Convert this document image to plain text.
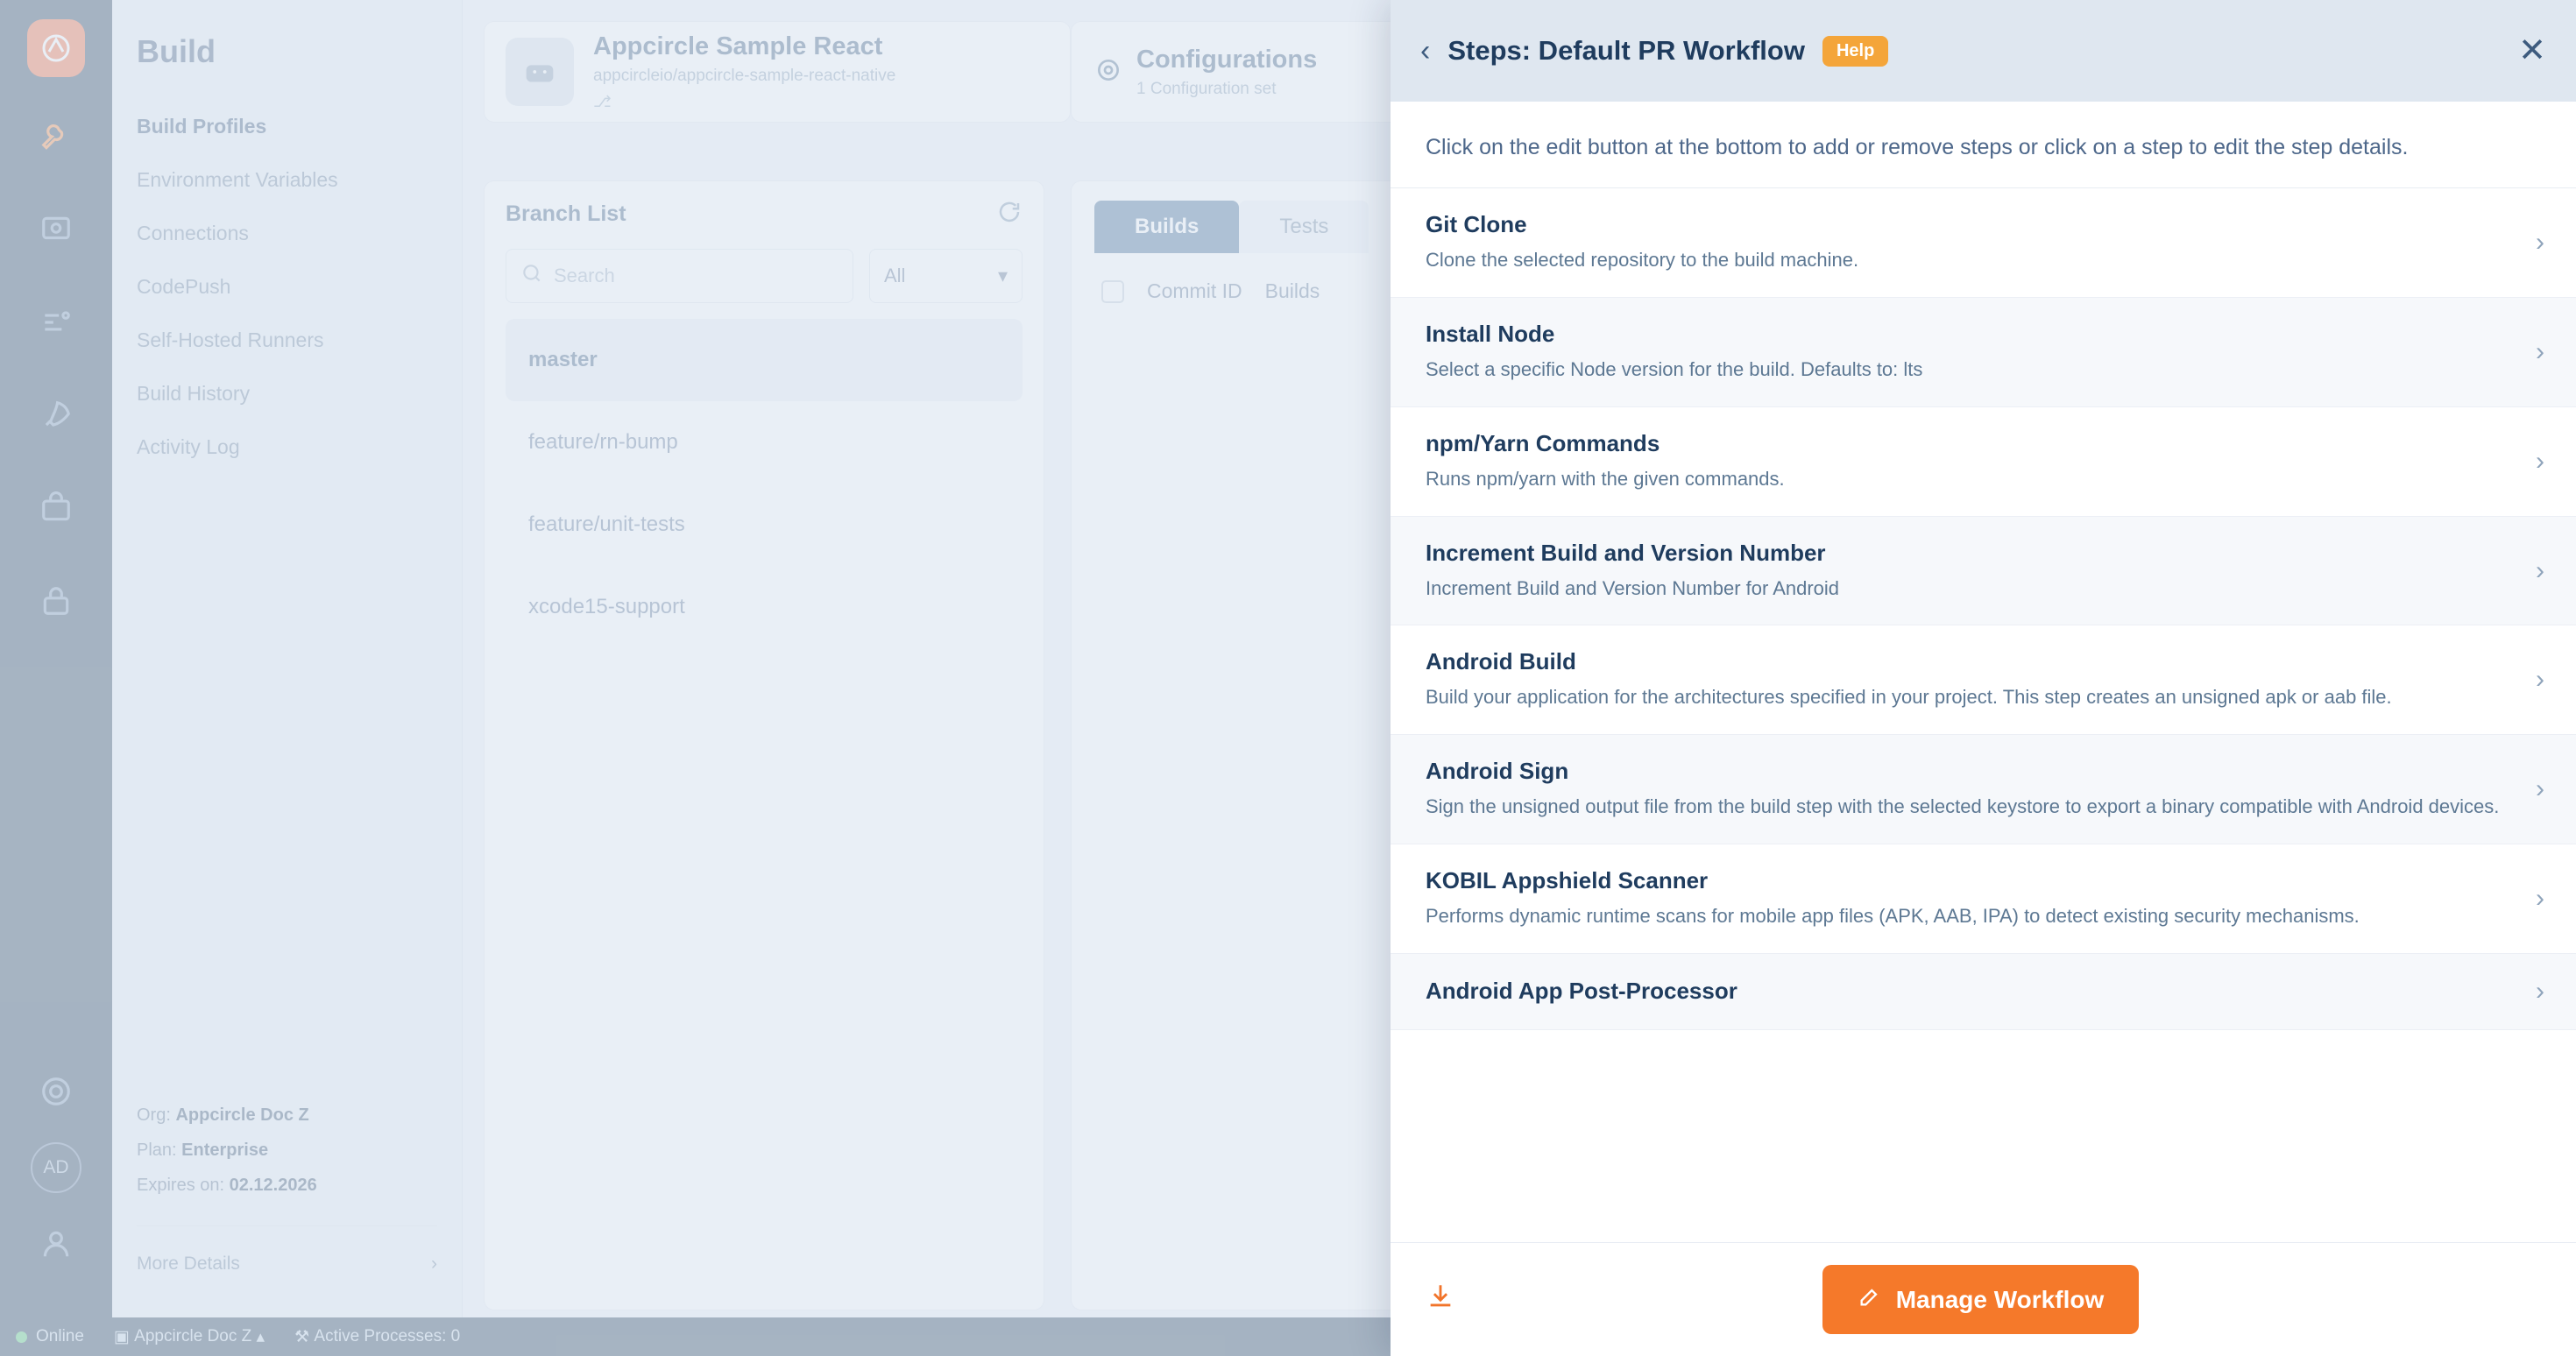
‹ Steps: Default PR Workflow	Help	✕
Click on the edit button at the bottom to add or remove steps or click on a step to edit the step details.
Git Clone
Clone the selected repository to the build machine.
›
Install Node
Select a specific Node version for the build. Defaults to: lts
›
npm/Yarn Commands
Runs npm/yarn with the given commands.
›
Increment Build and Version Number
Increment Build and Version Number for Android
›
Android Build
Build your application for the architectures specified in your project. This step creates an unsigned apk or aab file.
›
Android Sign
Sign the unsigned output file from the build step with the selected keystore to export a binary compatible with Android devices.
›
KOBIL Appshield Scanner
Performs dynamic runtime scans for mobile app files (APK, AAB, IPA) to detect existing security mechanisms.
›
Android App Post-Processor	›
Manage Workflow
